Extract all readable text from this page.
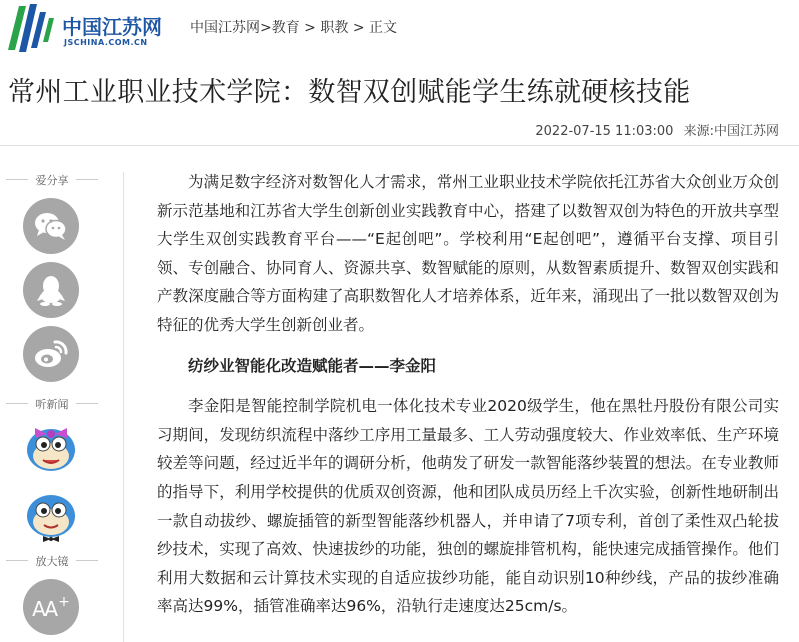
中国江苏网
JSCHINA.COM.CN
中国江苏网>教育 > 职教 > 正文
常州工业职业技术学院：数智双创赋能学生练就硬核技能
2022-07-15 11:03:00 来源:中国江苏网
爱分享
听新闻
放大镜
AA +

为满足数字经济对数智化人才需求，常州工业职业技术学院依托江苏省大众创业万众创新示范基地和江苏省大学生创新创业实践教育中心，搭建了以数智双创为特色的开放共享型大学生双创实践教育平台——“E起创吧”。学校利用“E起创吧”，遵循平台支撑、项目引领、专创融合、协同育人、资源共享、数智赋能的原则，从数智素质提升、数智双创实践和产教深度融合等方面构建了高职数智化人才培养体系，近年来，涌现出了一批以数智双创为特征的优秀大学生创新创业者。

纺纱业智能化改造赋能者——李金阳

李金阳是智能控制学院机电一体化技术专业2020级学生，他在黑牡丹股份有限公司实习期间，发现纺织流程中落纱工序用工量最多、工人劳动强度较大、作业效率低、生产环境较差等问题，经过近半年的调研分析，他萌发了研发一款智能落纱装置的想法。在专业教师的指导下，利用学校提供的优质双创资源，他和团队成员历经上千次实验，创新性地研制出一款自动拔纱、螺旋插管的新型智能落纱机器人，并申请了7项专利，首创了柔性双凸轮拔纱技术，实现了高效、快速拔纱的功能，独创的螺旋排管机构，能快速完成插管操作。他们利用大数据和云计算技术实现的自适应拔纱功能，能自动识别10种纱线，产品的拔纱准确率高达99%，插管准确率达96%，沿轨行走速度达25cm/s。
